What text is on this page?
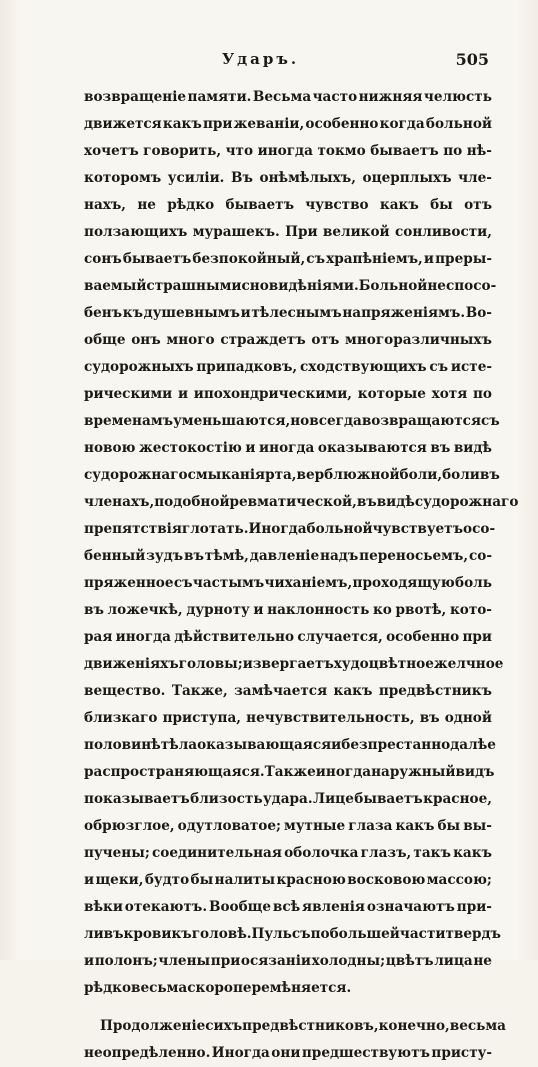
Ударъ.	505
возвращеніе памяти. Весьма часто нижняя челюсть
движется какъ при жеваніи, особенно когда больной
хочетъ говорить, что иногда токмо бываетъ по нѣ-
которомъ усиліи. Въ онѣмѣлыхъ, оцерплыхъ чле-
нахъ, не рѣдко бываетъ чувство какъ бы отъ
ползающихъ мурашекъ. При великой сонливости,
сонъ бываетъ безпокойный, съ храпѣніемъ, и преры-
ваемый страшными сновидѣніями. Больной не спосо-
бенъ къ душевнымъ и тѣлеснымъ напряженіямъ. Во-
обще онъ много страждетъ отъ многоразличныхъ
судорожныхъ припадковъ, сходствующихъ съ исте-
рическими и ипохондрическими, которые хотя по
временамъ уменьшаются, но всегда возвращаются съ
новою жестокостію и иногда оказываются въ видѣ
судорожнаго смыканія рта, верблюжной боли, боли въ
членахъ, подобной ревматической, въ видѣ судорожнаго
препятствія глотать. Иногда больной чувствуетъ осо-
бенный зудъ въ тѣмѣ, давленіе надъ переносьемъ, со-
пряженное съ частымъ чиханіемъ, проходящую боль
въ ложечкѣ, дурноту и наклонность ко рвотѣ, кото-
рая иногда дѣйствительно случается, особенно при
движеніяхъ головы; извергаетъ худоцвѣтное желчное
вещество. Также, замѣчается какъ предвѣстникъ
близкаго приступа, нечувствительность, въ одной
половинѣ тѣла оказывающаяся и безпрестанно далѣе
распространяющаяся. Также иногда наружный видъ
показываетъ близость удара. Лице бываетъ красное,
обрюзглое, одутловатое; мутные глаза какъ бы вы-
пучены; соединительная оболочка глазъ, такъ какъ
и щеки, будто бы налиты красною восковою массою;
вѣки отекаютъ. Вообще всѣ явленія означаютъ при-
ливъ крови къ головѣ. Пульсъ по большей части твердъ
и полонъ; члены при осязаніи холодны; цвѣтъ лица не
рѣдко весьма скоро перемѣняется.
Продолженіе сихъ предвѣстниковъ, конечно, весьма
неопредѣленно. Иногда они предшествуютъ присту-
